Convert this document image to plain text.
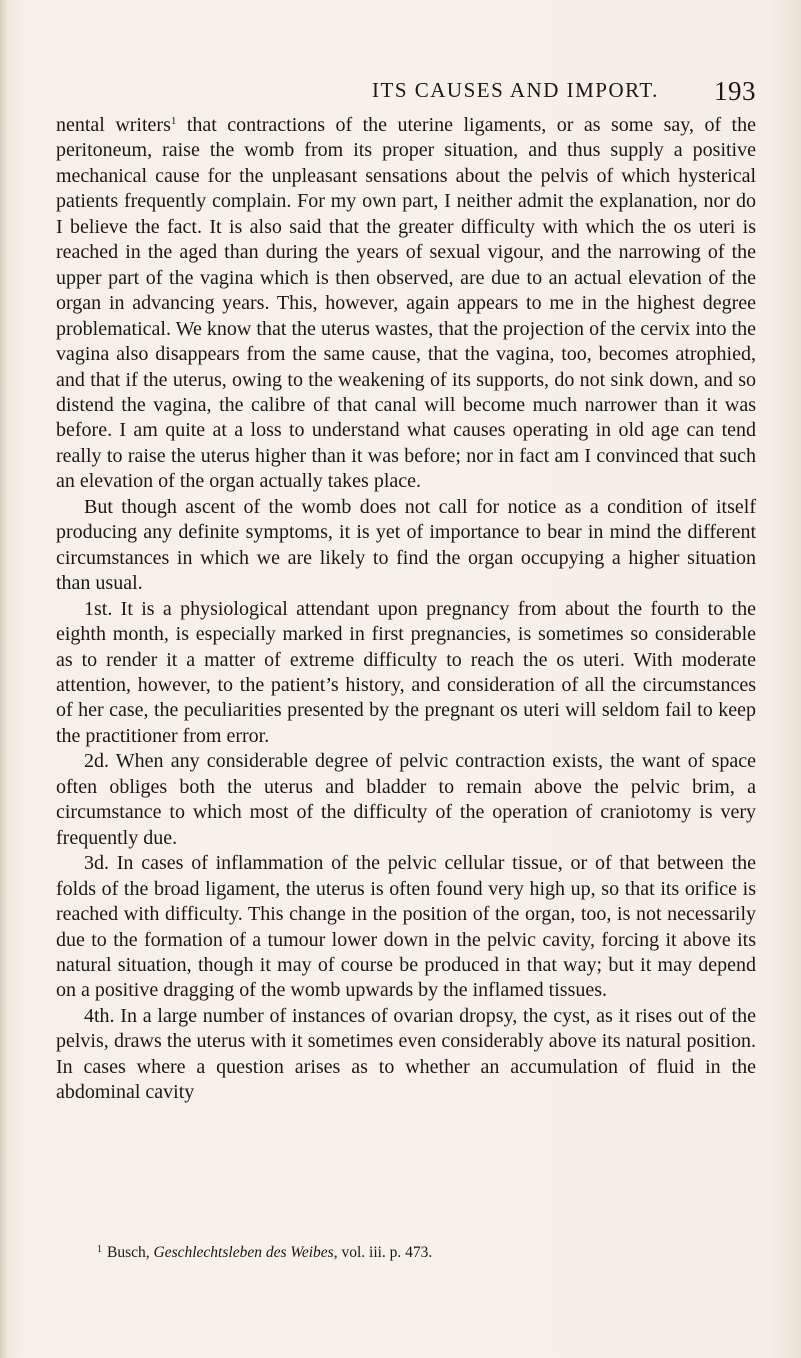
ITS CAUSES AND IMPORT. 193

nental writers$^1$ that contractions of the uterine ligaments, or as some say, of the peritoneum, raise the womb from its proper situation, and thus supply a positive mechanical cause for the unpleasant sensations about the pelvis of which hysterical patients frequently complain. For my own part, I neither admit the explanation, nor do I believe the fact. It is also said that the greater difficulty with which the os uteri is reached in the aged than during the years of sexual vigour, and the narrowing of the upper part of the vagina which is then observed, are due to an actual elevation of the organ in advancing years. This, however, again appears to me in the highest degree problematical. We know that the uterus wastes, that the projection of the cervix into the vagina also disappears from the same cause, that the vagina, too, becomes atrophied, and that if the uterus, owing to the weakening of its supports, do not sink down, and so distend the vagina, the calibre of that canal will become much narrower than it was before. I am quite at a loss to understand what causes operating in old age can tend really to raise the uterus higher than it was before; nor in fact am I convinced that such an elevation of the organ actually takes place.

But though ascent of the womb does not call for notice as a condition of itself producing any definite symptoms, it is yet of importance to bear in mind the different circumstances in which we are likely to find the organ occupying a higher situation than usual.

1st. It is a physiological attendant upon pregnancy from about the fourth to the eighth month, is especially marked in first pregnancies, is sometimes so considerable as to render it a matter of extreme difficulty to reach the os uteri. With moderate attention, however, to the patient’s history, and consideration of all the circumstances of her case, the peculiarities presented by the pregnant os uteri will seldom fail to keep the practitioner from error.

2d. When any considerable degree of pelvic contraction exists, the want of space often obliges both the uterus and bladder to remain above the pelvic brim, a circumstance to which most of the difficulty of the operation of craniotomy is very frequently due.

3d. In cases of inflammation of the pelvic cellular tissue, or of that between the folds of the broad ligament, the uterus is often found very high up, so that its orifice is reached with difficulty. This change in the position of the organ, too, is not necessarily due to the formation of a tumour lower down in the pelvic cavity, forcing it above its natural situation, though it may of course be produced in that way; but it may depend on a positive dragging of the womb upwards by the inflamed tissues.

4th. In a large number of instances of ovarian dropsy, the cyst, as it rises out of the pelvis, draws the uterus with it sometimes even considerably above its natural position. In cases where a question arises as to whether an accumulation of fluid in the abdominal cavity

$^1$ Busch, Geschlechtsleben des Weibes, vol. iii. p. 473.
